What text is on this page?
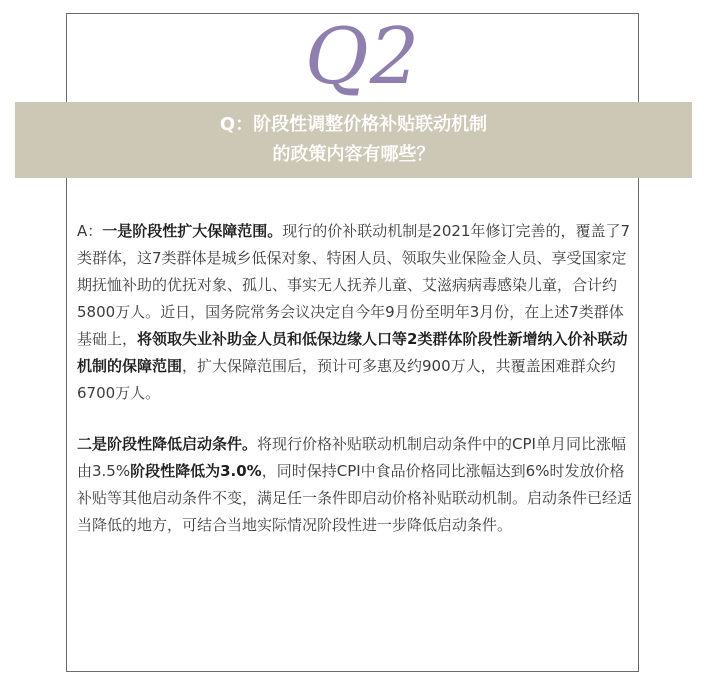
Q2
Q：阶段性调整价格补贴联动机制
的政策内容有哪些？

A：一是阶段性扩大保障范围。现行的价补联动机制是2021年修订完善的，覆盖了7类群体，这7类群体是城乡低保对象、特困人员、领取失业保险金人员、享受国家定期抚恤补助的优抚对象、孤儿、事实无人抚养儿童、艾滋病病毒感染儿童，合计约5800万人。近日，国务院常务会议决定自今年9月份至明年3月份，在上述7类群体基础上，将领取失业补助金人员和低保边缘人口等2类群体阶段性新增纳入价补联动机制的保障范围，扩大保障范围后，预计可多惠及约900万人，共覆盖困难群众约6700万人。

二是阶段性降低启动条件。将现行价格补贴联动机制启动条件中的CPI单月同比涨幅由3.5%阶段性降低为3.0%，同时保持CPI中食品价格同比涨幅达到6%时发放价格补贴等其他启动条件不变，满足任一条件即启动价格补贴联动机制。启动条件已经适当降低的地方，可结合当地实际情况阶段性进一步降低启动条件。
